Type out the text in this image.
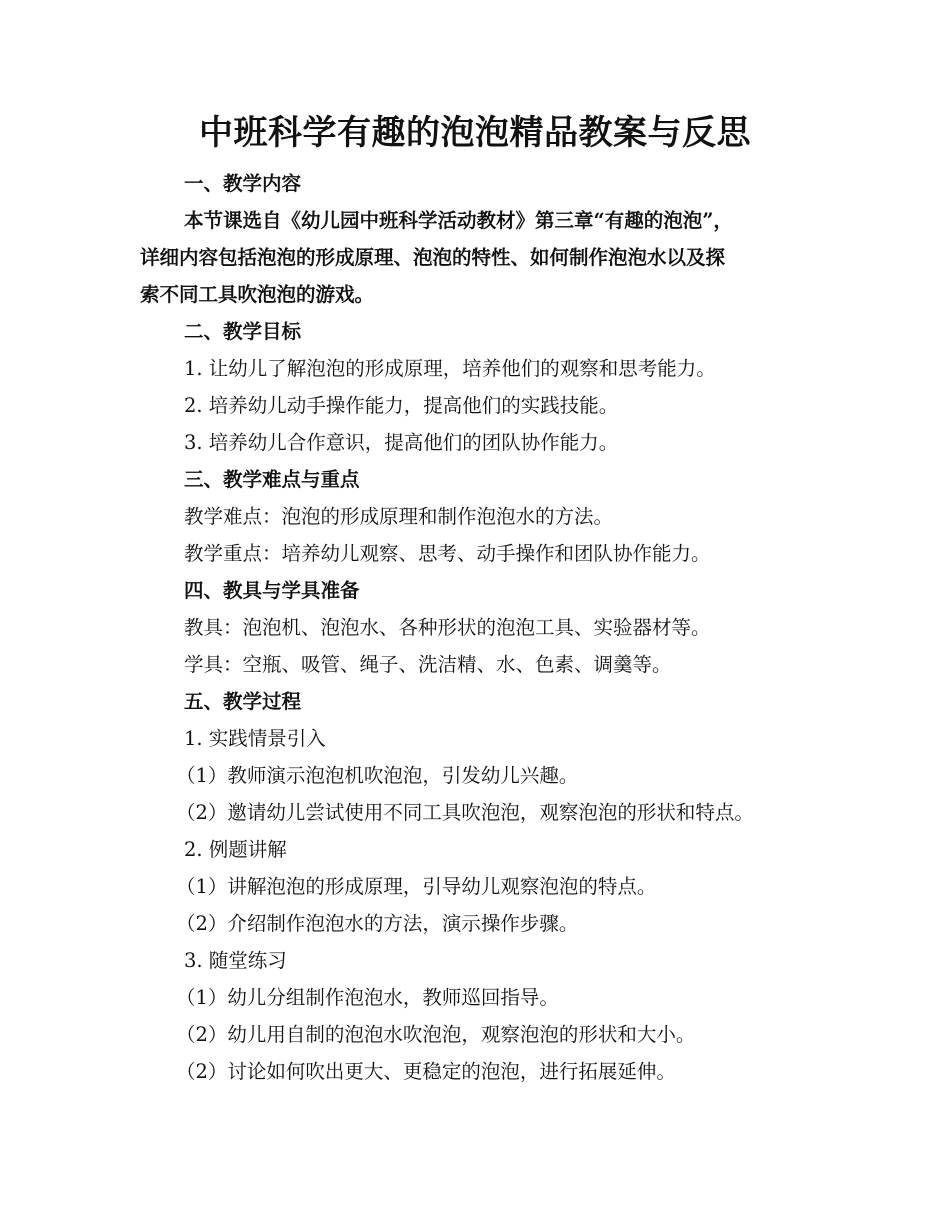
中班科学有趣的泡泡精品教案与反思
一、教学内容
本节课选自《幼儿园中班科学活动教材》第三章“有趣的泡泡”，
详细内容包括泡泡的形成原理、泡泡的特性、如何制作泡泡水以及探
索不同工具吹泡泡的游戏。
二、教学目标
1. 让幼儿了解泡泡的形成原理，培养他们的观察和思考能力。
2. 培养幼儿动手操作能力，提高他们的实践技能。
3. 培养幼儿合作意识，提高他们的团队协作能力。
三、教学难点与重点
教学难点：泡泡的形成原理和制作泡泡水的方法。
教学重点：培养幼儿观察、思考、动手操作和团队协作能力。
四、教具与学具准备
教具：泡泡机、泡泡水、各种形状的泡泡工具、实验器材等。
学具：空瓶、吸管、绳子、洗洁精、水、色素、调羹等。
五、教学过程
1. 实践情景引入
（1）教师演示泡泡机吹泡泡，引发幼儿兴趣。
（2）邀请幼儿尝试使用不同工具吹泡泡，观察泡泡的形状和特点。
2. 例题讲解
（1）讲解泡泡的形成原理，引导幼儿观察泡泡的特点。
（2）介绍制作泡泡水的方法，演示操作步骤。
3. 随堂练习
（1）幼儿分组制作泡泡水，教师巡回指导。
（2）幼儿用自制的泡泡水吹泡泡，观察泡泡的形状和大小。
（2）讨论如何吹出更大、更稳定的泡泡，进行拓展延伸。
